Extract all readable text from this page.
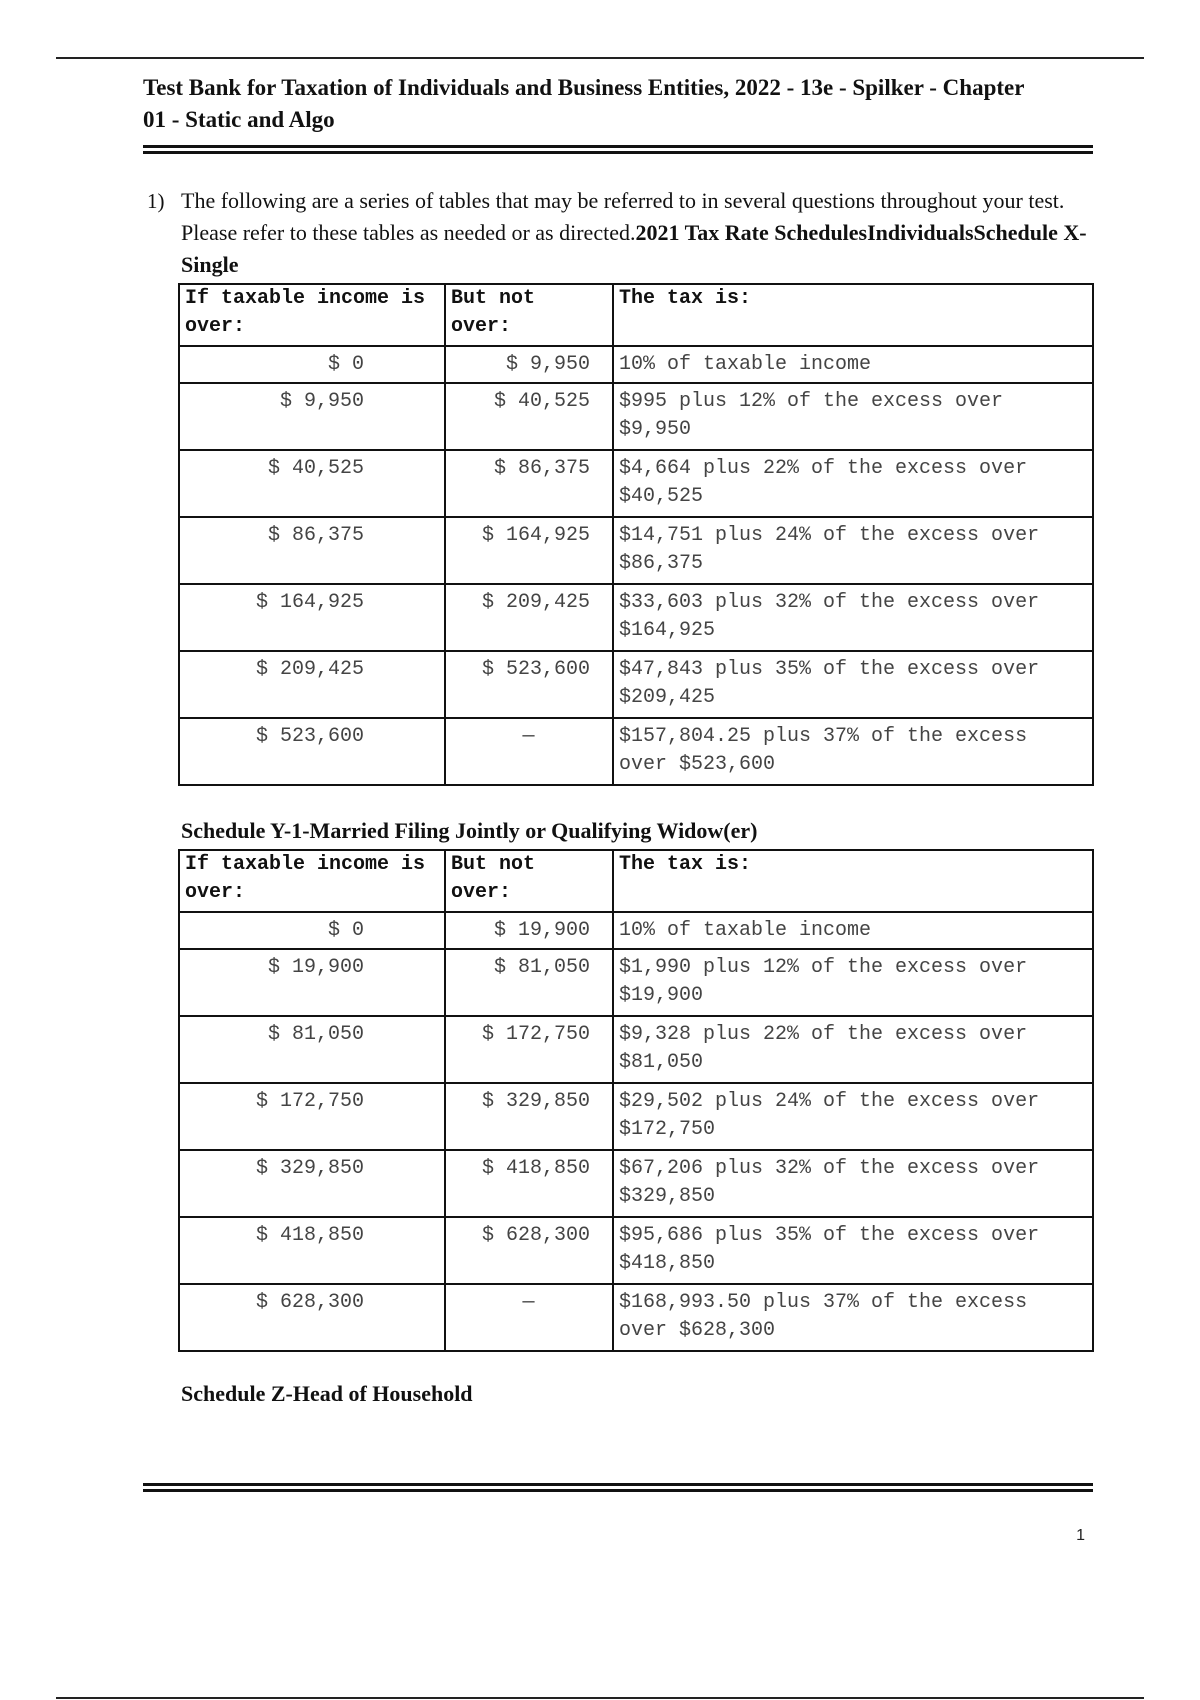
Test Bank for Taxation of Individuals and Business Entities, 2022 - 13e - Spilker - Chapter
01 - Static and Algo

1) The following are a series of tables that may be referred to in several questions throughout your test. Please refer to these tables as needed or as directed.2021 Tax Rate SchedulesIndividualsSchedule X-Single
If taxable income is over:	But not over:	The tax is:
$ 0	$ 9,950	10% of taxable income
$ 9,950	$ 40,525	$995 plus 12% of the excess over $9,950
$ 40,525	$ 86,375	$4,664 plus 22% of the excess over $40,525
$ 86,375	$ 164,925	$14,751 plus 24% of the excess over $86,375
$ 164,925	$ 209,425	$33,603 plus 32% of the excess over $164,925
$ 209,425	$ 523,600	$47,843 plus 35% of the excess over $209,425
$ 523,600	—	$157,804.25 plus 37% of the excess over $523,600

Schedule Y-1-Married Filing Jointly or Qualifying Widow(er)

If taxable income is over:	But not over:	The tax is:
$ 0	$ 19,900	10% of taxable income
$ 19,900	$ 81,050	$1,990 plus 12% of the excess over $19,900
$ 81,050	$ 172,750	$9,328 plus 22% of the excess over $81,050
$ 172,750	$ 329,850	$29,502 plus 24% of the excess over $172,750
$ 329,850	$ 418,850	$67,206 plus 32% of the excess over $329,850
$ 418,850	$ 628,300	$95,686 plus 35% of the excess over $418,850
$ 628,300	—	$168,993.50 plus 37% of the excess over $628,300

Schedule Z-Head of Household

1
